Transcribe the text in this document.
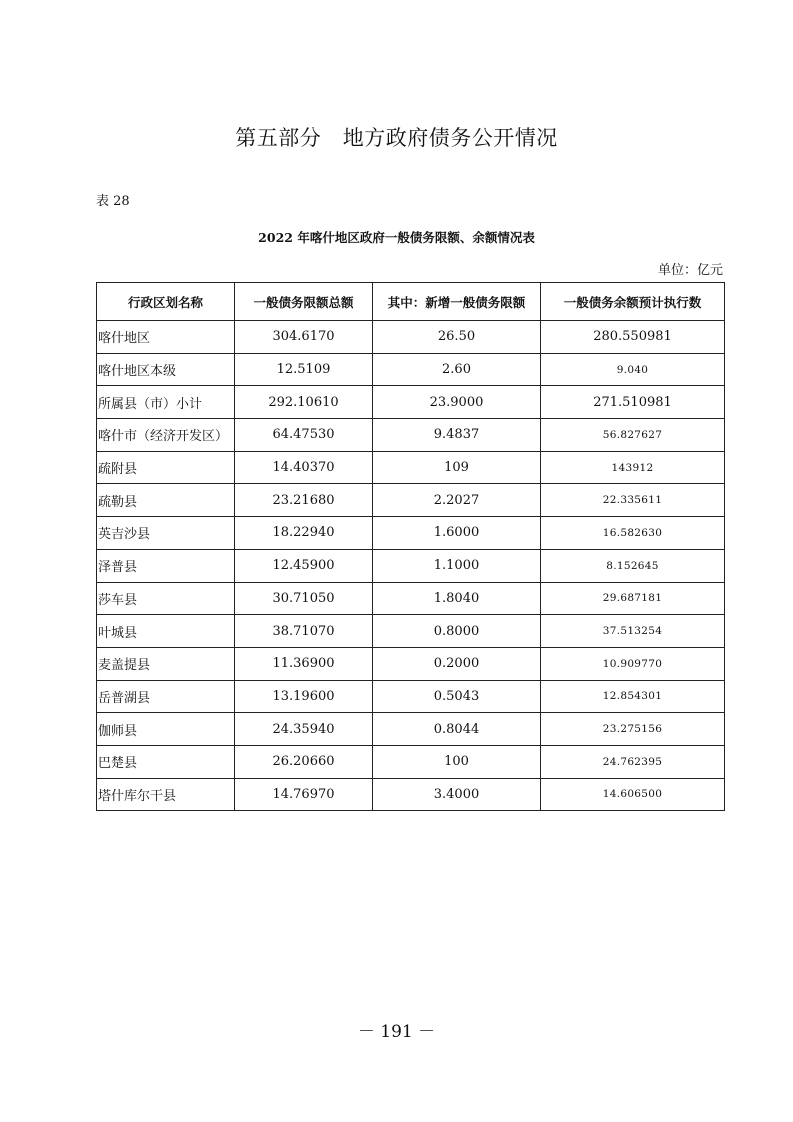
第五部分　地方政府债务公开情况
表 28
2022 年喀什地区政府一般债务限额、余额情况表
单位：亿元
行政区划名称	一般债务限额总额	其中：新增一般债务限额	一般债务余额预计执行数
喀什地区	304.6170	26.50	280.550981
喀什地区本级	12.5109	2.60	9.040
所属县（市）小计	292.10610	23.9000	271.510981
喀什市（经济开发区）	64.47530	9.4837	56.827627
疏附县	14.40370	109	143912
疏勒县	23.21680	2.2027	22.335611
英吉沙县	18.22940	1.6000	16.582630
泽普县	12.45900	1.1000	8.152645
莎车县	30.71050	1.8040	29.687181
叶城县	38.71070	0.8000	37.513254
麦盖提县	11.36900	0.2000	10.909770
岳普湖县	13.19600	0.5043	12.854301
伽师县	24.35940	0.8044	23.275156
巴楚县	26.20660	100	24.762395
塔什库尔干县	14.76970	3.4000	14.606500
－ 191 －
